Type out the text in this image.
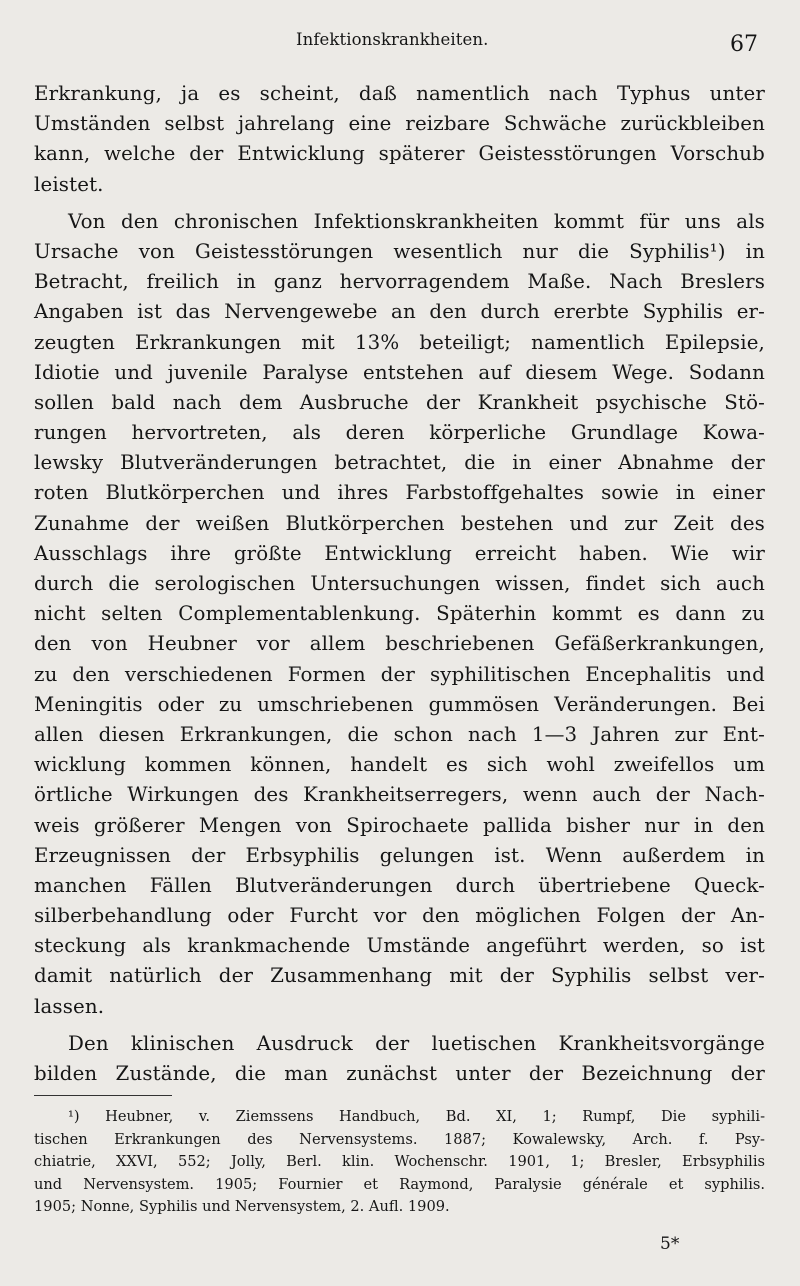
Infektionskrankheiten.	67
Erkrankung, ja es scheint, daß namentlich nach Typhus unter
Umständen selbst jahrelang eine reizbare Schwäche zurückbleiben
kann, welche der Entwicklung späterer Geistesstörungen Vorschub
leistet.
Von den chronischen Infektionskrankheiten kommt für uns als
Ursache von Geistesstörungen wesentlich nur die Syphilis¹) in
Betracht, freilich in ganz hervorragendem Maße. Nach Breslers
Angaben ist das Nervengewebe an den durch ererbte Syphilis er-
zeugten Erkrankungen mit 13% beteiligt; namentlich Epilepsie,
Idiotie und juvenile Paralyse entstehen auf diesem Wege. Sodann
sollen bald nach dem Ausbruche der Krankheit psychische Stö-
rungen hervortreten, als deren körperliche Grundlage Kowa-
lewsky Blutveränderungen betrachtet, die in einer Abnahme der
roten Blutkörperchen und ihres Farbstoffgehaltes sowie in einer
Zunahme der weißen Blutkörperchen bestehen und zur Zeit des
Ausschlags ihre größte Entwicklung erreicht haben. Wie wir
durch die serologischen Untersuchungen wissen, findet sich auch
nicht selten Complementablenkung. Späterhin kommt es dann zu
den von Heubner vor allem beschriebenen Gefäßerkrankungen,
zu den verschiedenen Formen der syphilitischen Encephalitis und
Meningitis oder zu umschriebenen gummösen Veränderungen. Bei
allen diesen Erkrankungen, die schon nach 1—3 Jahren zur Ent-
wicklung kommen können, handelt es sich wohl zweifellos um
örtliche Wirkungen des Krankheitserregers, wenn auch der Nach-
weis größerer Mengen von Spirochaete pallida bisher nur in den
Erzeugnissen der Erbsyphilis gelungen ist. Wenn außerdem in
manchen Fällen Blutveränderungen durch übertriebene Queck-
silberbehandlung oder Furcht vor den möglichen Folgen der An-
steckung als krankmachende Umstände angeführt werden, so ist
damit natürlich der Zusammenhang mit der Syphilis selbst ver-
lassen.
Den klinischen Ausdruck der luetischen Krankheitsvorgänge
bilden Zustände, die man zunächst unter der Bezeichnung der
¹) Heubner, v. Ziemssens Handbuch, Bd. XI, 1; Rumpf, Die syphili-
tischen Erkrankungen des Nervensystems. 1887; Kowalewsky, Arch. f. Psy-
chiatrie, XXVI, 552; Jolly, Berl. klin. Wochenschr. 1901, 1; Bresler, Erbsyphilis
und Nervensystem. 1905; Fournier et Raymond, Paralysie générale et syphilis.
1905; Nonne, Syphilis und Nervensystem, 2. Aufl. 1909.
5*
